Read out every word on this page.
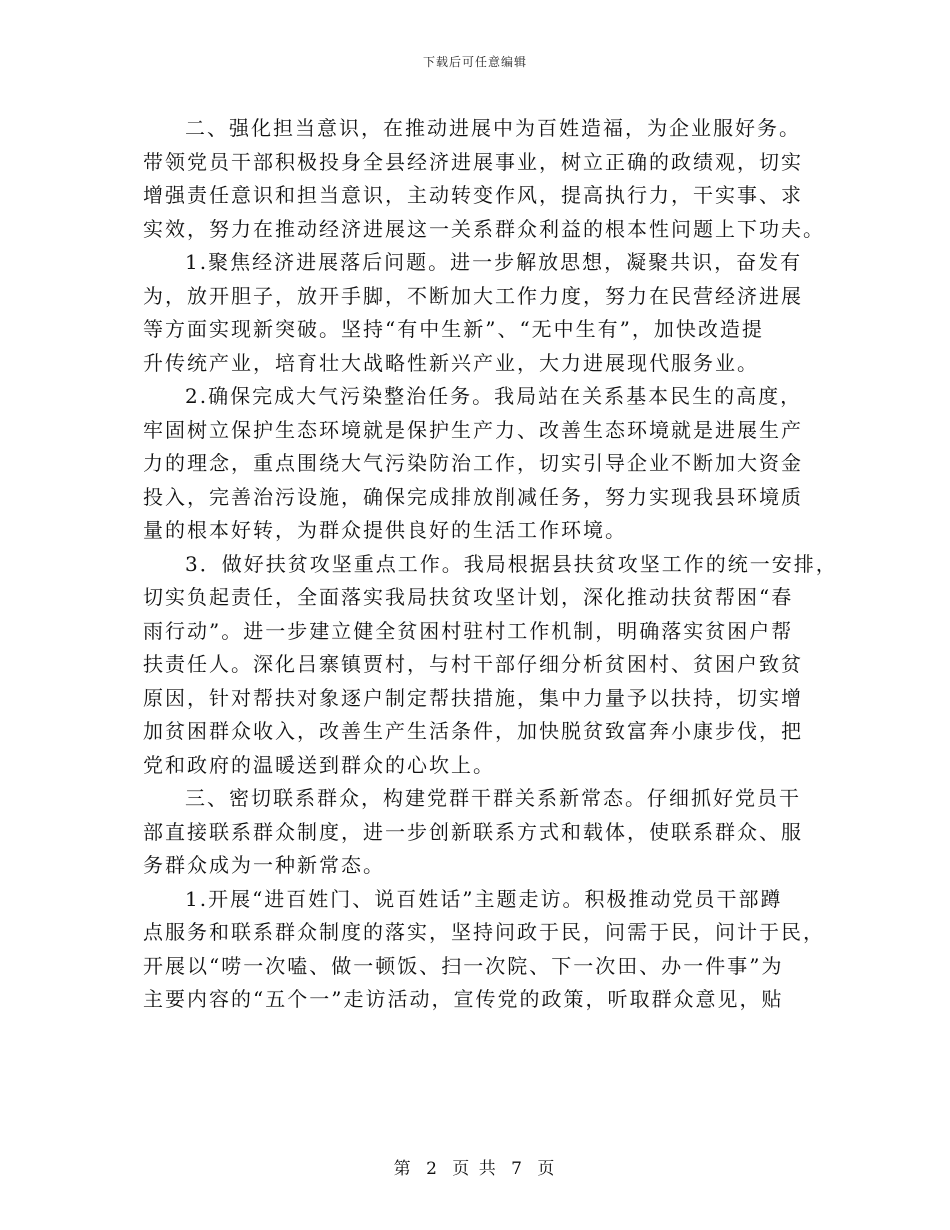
下载后可任意编辑

二、强化担当意识，在推动进展中为百姓造福，为企业服好务。
带领党员干部积极投身全县经济进展事业，树立正确的政绩观，切实
增强责任意识和担当意识，主动转变作风，提高执行力，干实事、求
实效，努力在推动经济进展这一关系群众利益的根本性问题上下功夫。

1.聚焦经济进展落后问题。进一步解放思想，凝聚共识，奋发有
为，放开胆子，放开手脚，不断加大工作力度，努力在民营经济进展
等方面实现新突破。坚持“有中生新”、“无中生有”，加快改造提
升传统产业，培育壮大战略性新兴产业，大力进展现代服务业。

2.确保完成大气污染整治任务。我局站在关系基本民生的高度，
牢固树立保护生态环境就是保护生产力、改善生态环境就是进展生产
力的理念，重点围绕大气污染防治工作，切实引导企业不断加大资金
投入，完善治污设施，确保完成排放削减任务，努力实现我县环境质
量的根本好转，为群众提供良好的生活工作环境。

3．做好扶贫攻坚重点工作。我局根据县扶贫攻坚工作的统一安排，
切实负起责任，全面落实我局扶贫攻坚计划，深化推动扶贫帮困“春
雨行动”。进一步建立健全贫困村驻村工作机制，明确落实贫困户帮
扶责任人。深化吕寨镇贾村，与村干部仔细分析贫困村、贫困户致贫
原因，针对帮扶对象逐户制定帮扶措施，集中力量予以扶持，切实增
加贫困群众收入，改善生产生活条件，加快脱贫致富奔小康步伐，把
党和政府的温暖送到群众的心坎上。

三、密切联系群众，构建党群干群关系新常态。仔细抓好党员干
部直接联系群众制度，进一步创新联系方式和载体，使联系群众、服
务群众成为一种新常态。

1.开展“进百姓门、说百姓话”主题走访。积极推动党员干部蹲
点服务和联系群众制度的落实，坚持问政于民，问需于民，问计于民，
开展以“唠一次嗑、做一顿饭、扫一次院、下一次田、办一件事”为
主要内容的“五个一”走访活动，宣传党的政策，听取群众意见，贴

第 2 页 共 7 页
